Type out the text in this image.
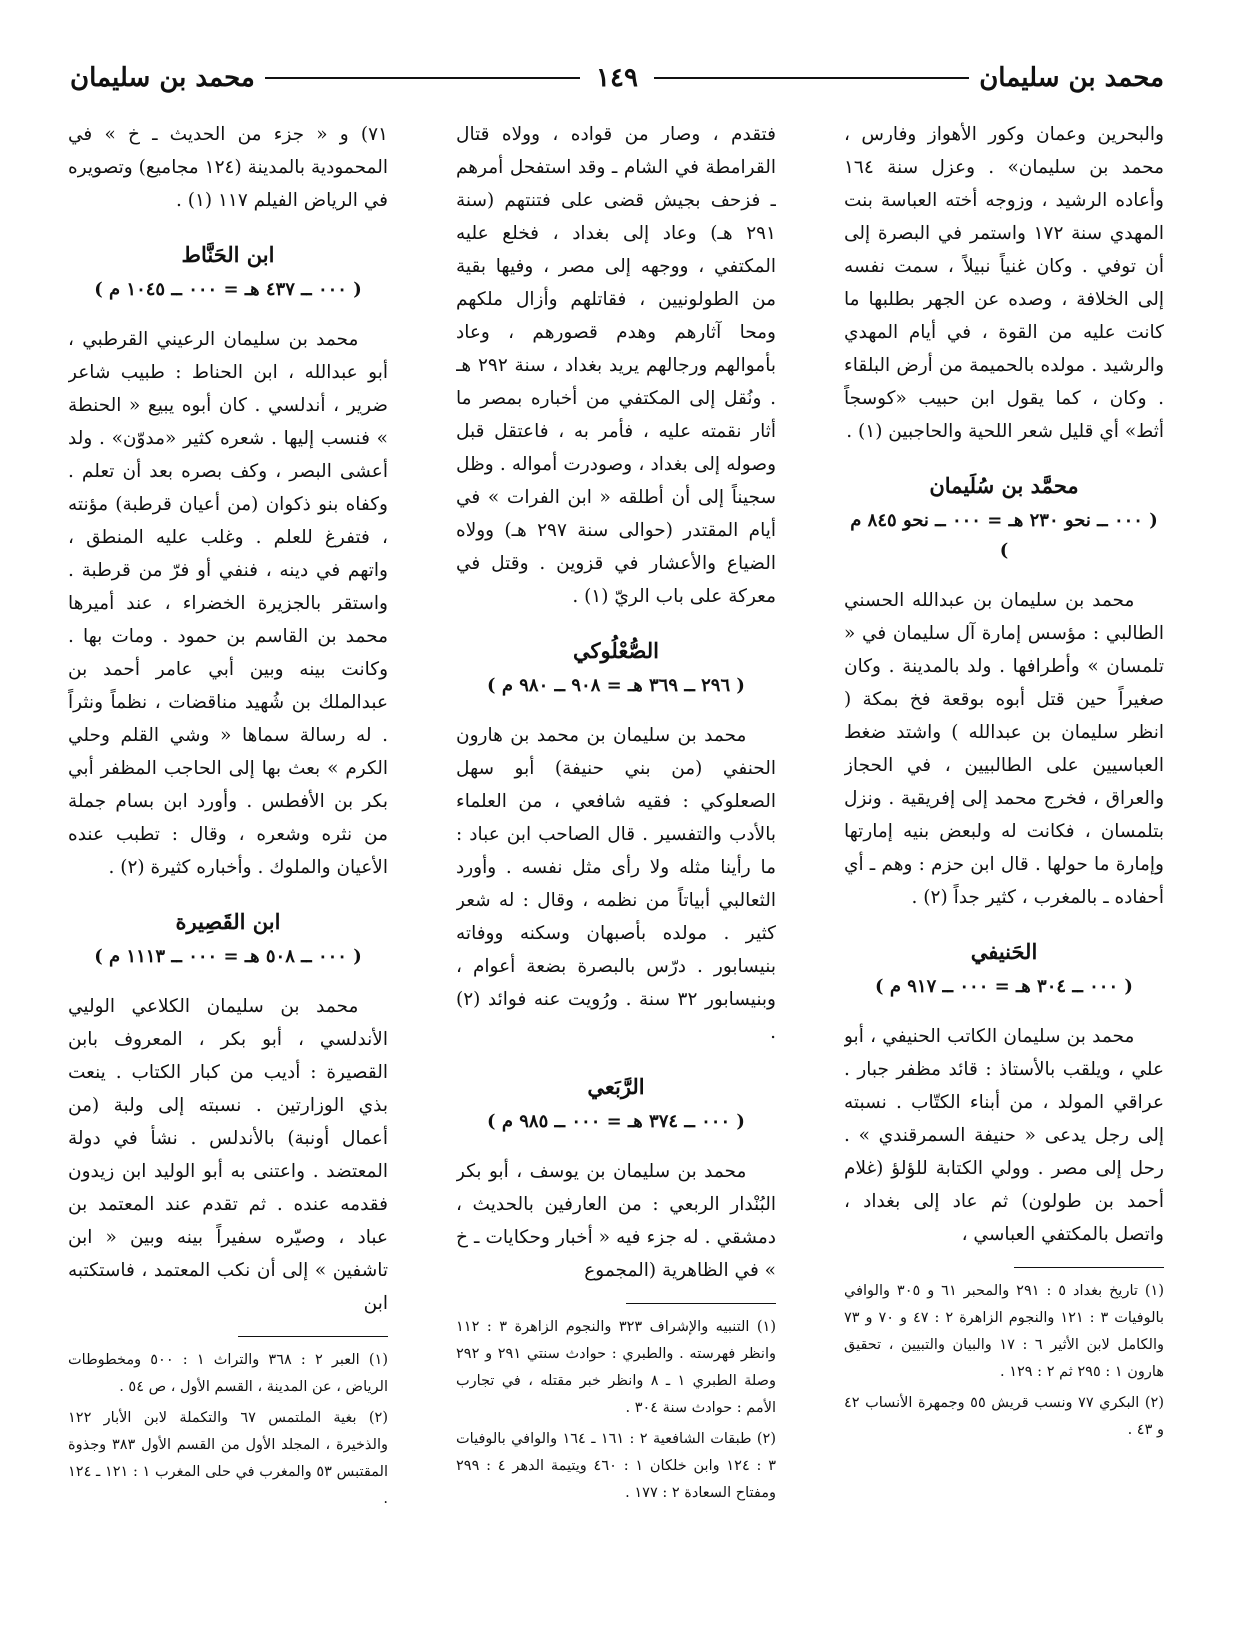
محمد بن سليمان
١٤٩
محمد بن سليمان

والبحرين وعمان وكور الأهواز وفارس ، محمد بن سليمان» . وعزل سنة ١٦٤ وأعاده الرشيد ، وزوجه أخته العباسة بنت المهدي سنة ١٧٢ واستمر في البصرة إلى أن توفي . وكان غنياً نبيلاً ، سمت نفسه إلى الخلافة ، وصده عن الجهر بطلبها ما كانت عليه من القوة ، في أيام المهدي والرشيد . مولده بالحميمة من أرض البلقاء . وكان ، كما يقول ابن حبيب «كوسجاً أثط» أي قليل شعر اللحية والحاجبين (١) .

محمَّد بن سُلَيمان
( ٠٠٠ ــ نحو ٢٣٠ هـ = ٠٠٠ ــ نحو ٨٤٥ م )

محمد بن سليمان بن عبدالله الحسني الطالبي : مؤسس إمارة آل سليمان في « تلمسان » وأطرافها . ولد بالمدينة . وكان صغيراً حين قتل أبوه بوقعة فخ بمكة ( انظر سليمان بن عبدالله ) واشتد ضغط العباسيين على الطالبيين ، في الحجاز والعراق ، فخرج محمد إلى إفريقية . ونزل بتلمسان ، فكانت له ولبعض بنيه إمارتها وإمارة ما حولها . قال ابن حزم : وهم ـ أي أحفاده ـ بالمغرب ، كثير جداً (٢) .

الحَنيفي
( ٠٠٠ ــ ٣٠٤ هـ = ٠٠٠ ــ ٩١٧ م )

محمد بن سليمان الكاتب الحنيفي ، أبو علي ، ويلقب بالأستاذ : قائد مظفر جبار . عراقي المولد ، من أبناء الكتّاب . نسبته إلى رجل يدعى « حنيفة السمرقندي » . رحل إلى مصر . وولي الكتابة للؤلؤ (غلام أحمد بن طولون) ثم عاد إلى بغداد ، واتصل بالمكتفي العباسي ،

(١) تاريخ بغداد ٥ : ٢٩١ والمحبر ٦١ و ٣٠٥ والوافي بالوفيات ٣ : ١٢١ والنجوم الزاهرة ٢ : ٤٧ و ٧٠ و ٧٣ والكامل لابن الأثير ٦ : ١٧ والبيان والتبيين ، تحقيق هارون ١ : ٢٩٥ ثم ٢ : ١٢٩ .

(٢) البكري ٧٧ ونسب قريش ٥٥ وجمهرة الأنساب ٤٢ و ٤٣ .

فتقدم ، وصار من قواده ، وولاه قتال القرامطة في الشام ـ وقد استفحل أمرهم ـ فزحف بجيش قضى على فتنتهم (سنة ٢٩١ هـ) وعاد إلى بغداد ، فخلع عليه المكتفي ، ووجهه إلى مصر ، وفيها بقية من الطولونيين ، فقاتلهم وأزال ملكهم ومحا آثارهم وهدم قصورهم ، وعاد بأموالهم ورجالهم يريد بغداد ، سنة ٢٩٢ هـ . ونُقل إلى المكتفي من أخباره بمصر ما أثار نقمته عليه ، فأمر به ، فاعتقل قبل وصوله إلى بغداد ، وصودرت أمواله . وظل سجيناً إلى أن أطلقه « ابن الفرات » في أيام المقتدر (حوالى سنة ٢٩٧ هـ) وولاه الضياع والأعشار في قزوين . وقتل في معركة على باب الريّ (١) .

الصُّعْلُوكي
( ٢٩٦ ــ ٣٦٩ هـ = ٩٠٨ ــ ٩٨٠ م )

محمد بن سليمان بن محمد بن هارون الحنفي (من بني حنيفة) أبو سهل الصعلوكي : فقيه شافعي ، من العلماء بالأدب والتفسير . قال الصاحب ابن عباد : ما رأينا مثله ولا رأى مثل نفسه . وأورد الثعالبي أبياتاً من نظمه ، وقال : له شعر كثير . مولده بأصبهان وسكنه ووفاته بنيسابور . درّس بالبصرة بضعة أعوام ، وبنيسابور ٣٢ سنة . ورُويت عنه فوائد (٢) .

الرَّبَعي
( ٠٠٠ ــ ٣٧٤ هـ = ٠٠٠ ــ ٩٨٥ م )

محمد بن سليمان بن يوسف ، أبو بكر البُنْدار الربعي : من العارفين بالحديث ، دمشقي . له جزء فيه « أخبار وحكايات ـ خ » في الظاهرية (المجموع

(١) التنبيه والإشراف ٣٢٣ والنجوم الزاهرة ٣ : ١١٢ وانظر فهرسته . والطبري : حوادث سنتي ٢٩١ و ٢٩٢ وصلة الطبري ١ ـ ٨ وانظر خبر مقتله ، في تجارب الأمم : حوادث سنة ٣٠٤ .

(٢) طبقات الشافعية ٢ : ١٦١ ـ ١٦٤ والوافي بالوفيات ٣ : ١٢٤ وابن خلكان ١ : ٤٦٠ ويتيمة الدهر ٤ : ٢٩٩ ومفتاح السعادة ٢ : ١٧٧ .

٧١) و « جزء من الحديث ـ خ » في المحمودية بالمدينة (١٢٤ مجاميع) وتصويره في الرياض الفيلم ١١٧ (١) .

ابن الحَنَّاط
( ٠٠٠ ــ ٤٣٧ هـ = ٠٠٠ ــ ١٠٤٥ م )

محمد بن سليمان الرعيني القرطبي ، أبو عبدالله ، ابن الحناط : طبيب شاعر ضرير ، أندلسي . كان أبوه يبيع « الحنطة » فنسب إليها . شعره كثير «مدوّن» . ولد أعشى البصر ، وكف بصره بعد أن تعلم . وكفاه بنو ذكوان (من أعيان قرطبة) مؤنته ، فتفرغ للعلم . وغلب عليه المنطق ، واتهم في دينه ، فنفي أو فرّ من قرطبة . واستقر بالجزيرة الخضراء ، عند أميرها محمد بن القاسم بن حمود . ومات بها . وكانت بينه وبين أبي عامر أحمد بن عبدالملك بن شُهيد مناقضات ، نظماً ونثراً . له رسالة سماها « وشي القلم وحلي الكرم » بعث بها إلى الحاجب المظفر أبي بكر بن الأفطس . وأورد ابن بسام جملة من نثره وشعره ، وقال : تطبب عنده الأعيان والملوك . وأخباره كثيرة (٢) .

ابن القَصِيرة
( ٠٠٠ ــ ٥٠٨ هـ = ٠٠٠ ــ ١١١٣ م )

محمد بن سليمان الكلاعي الوليي الأندلسي ، أبو بكر ، المعروف بابن القصيرة : أديب من كبار الكتاب . ينعت بذي الوزارتين . نسبته إلى ولبة (من أعمال أونبة) بالأندلس . نشأ في دولة المعتضد . واعتنى به أبو الوليد ابن زيدون فقدمه عنده . ثم تقدم عند المعتمد بن عباد ، وصيّره سفيراً بينه وبين « ابن تاشفين » إلى أن نكب المعتمد ، فاستكتبه ابن

(١) العبر ٢ : ٣٦٨ والتراث ١ : ٥٠٠ ومخطوطات الرياض ، عن المدينة ، القسم الأول ، ص ٥٤ .

(٢) بغية الملتمس ٦٧ والتكملة لابن الأبار ١٢٢ والذخيرة ، المجلد الأول من القسم الأول ٣٨٣ وجذوة المقتبس ٥٣ والمغرب في حلى المغرب ١ : ١٢١ ـ ١٢٤ .
